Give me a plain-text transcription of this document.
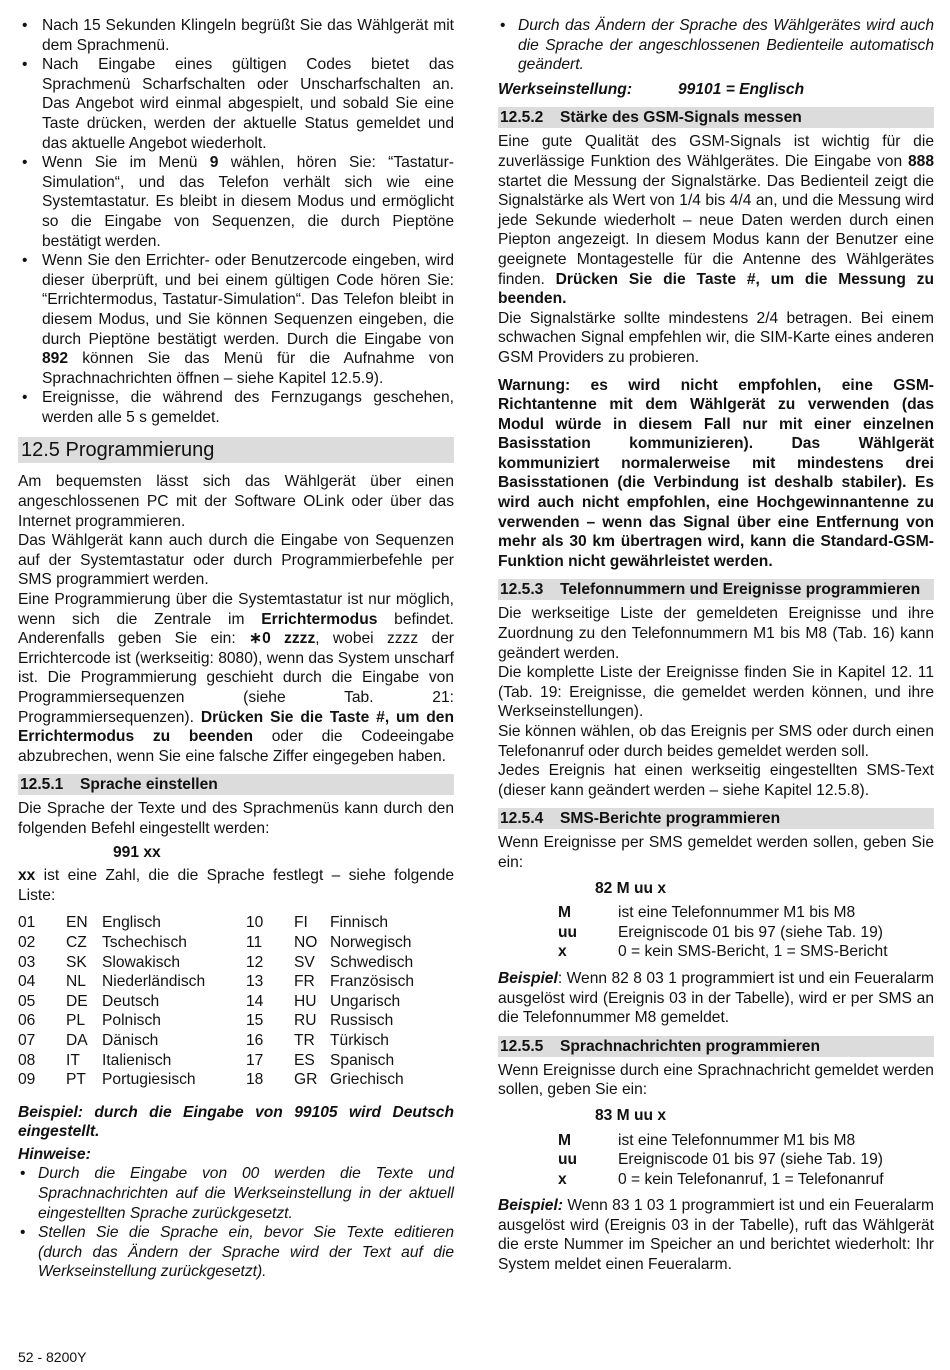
• Nach 15 Sekunden Klingeln begrüßt Sie das Wählgerät mit dem Sprachmenü.
• Nach Eingabe eines gültigen Codes bietet das Sprachmenü Scharfschalten oder Unscharfschalten an. Das Angebot wird einmal abgespielt, und sobald Sie eine Taste drücken, werden der aktuelle Status gemeldet und das aktuelle Angebot wiederholt.
• Wenn Sie im Menü 9 wählen, hören Sie: “Tastatur-Simulation“, und das Telefon verhält sich wie eine Systemtastatur. Es bleibt in diesem Modus und ermöglicht so die Eingabe von Sequenzen, die durch Pieptöne bestätigt werden.
• Wenn Sie den Errichter- oder Benutzercode eingeben, wird dieser überprüft, und bei einem gültigen Code hören Sie: “Errichtermodus, Tastatur-Simulation“. Das Telefon bleibt in diesem Modus, und Sie können Sequenzen eingeben, die durch Pieptöne bestätigt werden. Durch die Eingabe von 892 können Sie das Menü für die Aufnahme von Sprachnachrichten öffnen – siehe Kapitel 12.5.9).
• Ereignisse, die während des Fernzugangs geschehen, werden alle 5 s gemeldet.
12.5 Programmierung

Am bequemsten lässt sich das Wählgerät über einen angeschlossenen PC mit der Software OLink oder über das Internet programmieren.

Das Wählgerät kann auch durch die Eingabe von Sequenzen auf der Systemtastatur oder durch Programmierbefehle per SMS programmiert werden.

Eine Programmierung über die Systemtastatur ist nur möglich, wenn sich die Zentrale im Errichtermodus befindet. Anderenfalls geben Sie ein: ∗0 zzzz, wobei zzzz der Errichtercode ist (werkseitig: 8080), wenn das System unscharf ist. Die Programmierung geschieht durch die Eingabe von Programmiersequenzen (siehe Tab. 21: Programmiersequenzen). Drücken Sie die Taste #, um den Errichtermodus zu beenden oder die Codeeingabe abzubrechen, wenn Sie eine falsche Ziffer eingegeben haben.

12.5.1 Sprache einstellen

Die Sprache der Texte und des Sprachmenüs kann durch den folgenden Befehl eingestellt werden:

991 xx

xx ist eine Zahl, die die Sprache festlegt – siehe folgende Liste:

01	EN Englisch	10	FI	Finnisch
02	CZ Tschechisch	11	NO Norwegisch
03	SK Slowakisch	12	SV Schwedisch
04	NL	Niederländisch	13	FR Französisch
05	DE Deutsch	14	HU Ungarisch
06	PL	Polnisch	15	RU Russisch
07	DA Dänisch	16	TR Türkisch
08	IT	Italienisch	17	ES Spanisch
09	PT	Portugiesisch	18	GR Griechisch

Beispiel: durch die Eingabe von 99105 wird Deutsch eingestellt.

Hinweise:

• Durch die Eingabe von 00 werden die Texte und Sprachnachrichten auf die Werkseinstellung in der aktuell eingestellten Sprache zurückgesetzt.
• Stellen Sie die Sprache ein, bevor Sie Texte editieren (durch das Ändern der Sprache wird der Text auf die Werkseinstellung zurückgesetzt).
• Durch das Ändern der Sprache des Wählgerätes wird auch die Sprache der angeschlossenen Bedienteile automatisch geändert.
Werkseinstellung:	99101 = Englisch
12.5.2 Stärke des GSM-Signals messen

Eine gute Qualität des GSM-Signals ist wichtig für die zuverlässige Funktion des Wählgerätes. Die Eingabe von 888 startet die Messung der Signalstärke. Das Bedienteil zeigt die Signalstärke als Wert von 1/4 bis 4/4 an, und die Messung wird jede Sekunde wiederholt – neue Daten werden durch einen Piepton angezeigt. In diesem Modus kann der Benutzer eine geeignete Montagestelle für die Antenne des Wählgerätes finden. Drücken Sie die Taste #, um die Messung zu beenden.

Die Signalstärke sollte mindestens 2/4 betragen. Bei einem schwachen Signal empfehlen wir, die SIM-Karte eines anderen GSM Providers zu probieren.

Warnung: es wird nicht empfohlen, eine GSM-Richtantenne mit dem Wählgerät zu verwenden (das Modul würde in diesem Fall nur mit einer einzelnen Basisstation kommunizieren). Das Wählgerät kommuniziert normalerweise mit mindestens drei Basisstationen (die Verbindung ist deshalb stabiler). Es wird auch nicht empfohlen, eine Hochgewinnantenne zu verwenden – wenn das Signal über eine Entfernung von mehr als 30 km übertragen wird, kann die Standard-GSM-Funktion nicht gewährleistet werden.

12.5.3 Telefonnummern und Ereignisse programmieren

Die werkseitige Liste der gemeldeten Ereignisse und ihre Zuordnung zu den Telefonnummern M1 bis M8 (Tab. 16) kann geändert werden.

Die komplette Liste der Ereignisse finden Sie in Kapitel 12. 11 (Tab. 19: Ereignisse, die gemeldet werden können, und ihre Werkseinstellungen).

Sie können wählen, ob das Ereignis per SMS oder durch einen Telefonanruf oder durch beides gemeldet werden soll.

Jedes Ereignis hat einen werkseitig eingestellten SMS-Text (dieser kann geändert werden – siehe Kapitel 12.5.8).

12.5.4 SMS-Berichte programmieren

Wenn Ereignisse per SMS gemeldet werden sollen, geben Sie ein:

82 M uu x
M	ist eine Telefonnummer M1 bis M8
uu	Ereigniscode 01 bis 97 (siehe Tab. 19)
x	0 = kein SMS-Bericht, 1 = SMS-Bericht

Beispiel: Wenn 82 8 03 1 programmiert ist und ein Feueralarm ausgelöst wird (Ereignis 03 in der Tabelle), wird er per SMS an die Telefonnummer M8 gemeldet.

12.5.5 Sprachnachrichten programmieren

Wenn Ereignisse durch eine Sprachnachricht gemeldet werden sollen, geben Sie ein:

83 M uu x
M	ist eine Telefonnummer M1 bis M8
uu	Ereigniscode 01 bis 97 (siehe Tab. 19)
x	0 = kein Telefonanruf, 1 = Telefonanruf

Beispiel: Wenn 83 1 03 1 programmiert ist und ein Feueralarm ausgelöst wird (Ereignis 03 in der Tabelle), ruft das Wählgerät die erste Nummer im Speicher an und berichtet wiederholt: Ihr System meldet einen Feueralarm.

52 - 8200Y
